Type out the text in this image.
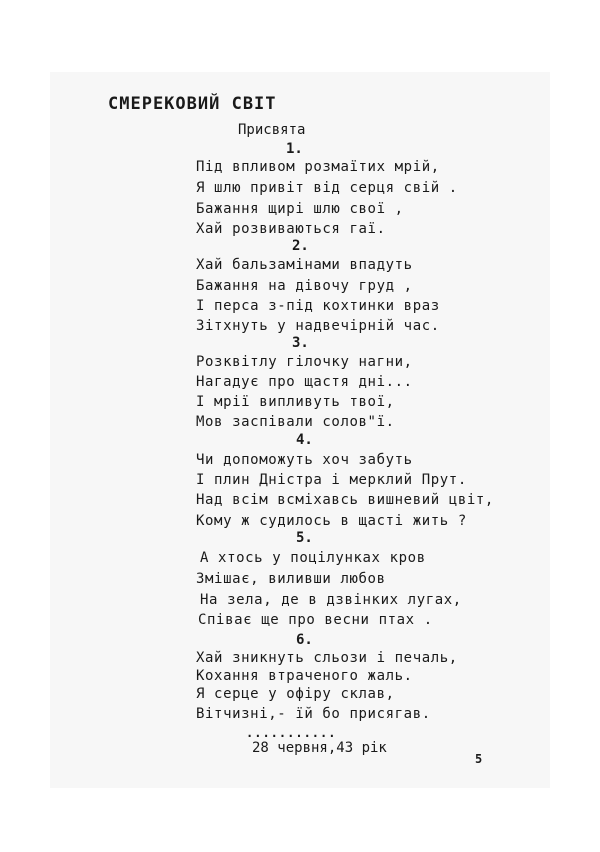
СМЕРЕКОВИЙ СВІТ
Присвята
1.
Під впливом розмаїтих мрій,
Я шлю привіт від серця свій .
Бажання щирі шлю свої ,
Хай розвиваються гаї.
2.
Хай бальзамінами впадуть
Бажання на дівочу груд ,
І перса з-під кохтинки враз
Зітхнуть у надвечірній час.
3.
Розквітлу гілочку нагни,
Нагадує про щастя дні...
І мрії випливуть твої,
Мов заспівали солов"ї.
4.
Чи допоможуть хоч забуть
І плин Дністра і мерклий Прут.
Над всім всміхавсь вишневий цвіт,
Кому ж судилось в щасті жить ?
5.
А хтось у поцілунках кров
Змішає, виливши любов
На зела, де в дзвінких лугах,
Співає ще про весни птах .
6.
Хай зникнуть сльози і печаль,
Кохання втраченого жаль.
Я серце у офіру склав,
Вітчизні,- їй бо присягав.
...........
28 червня,43 рік
5
